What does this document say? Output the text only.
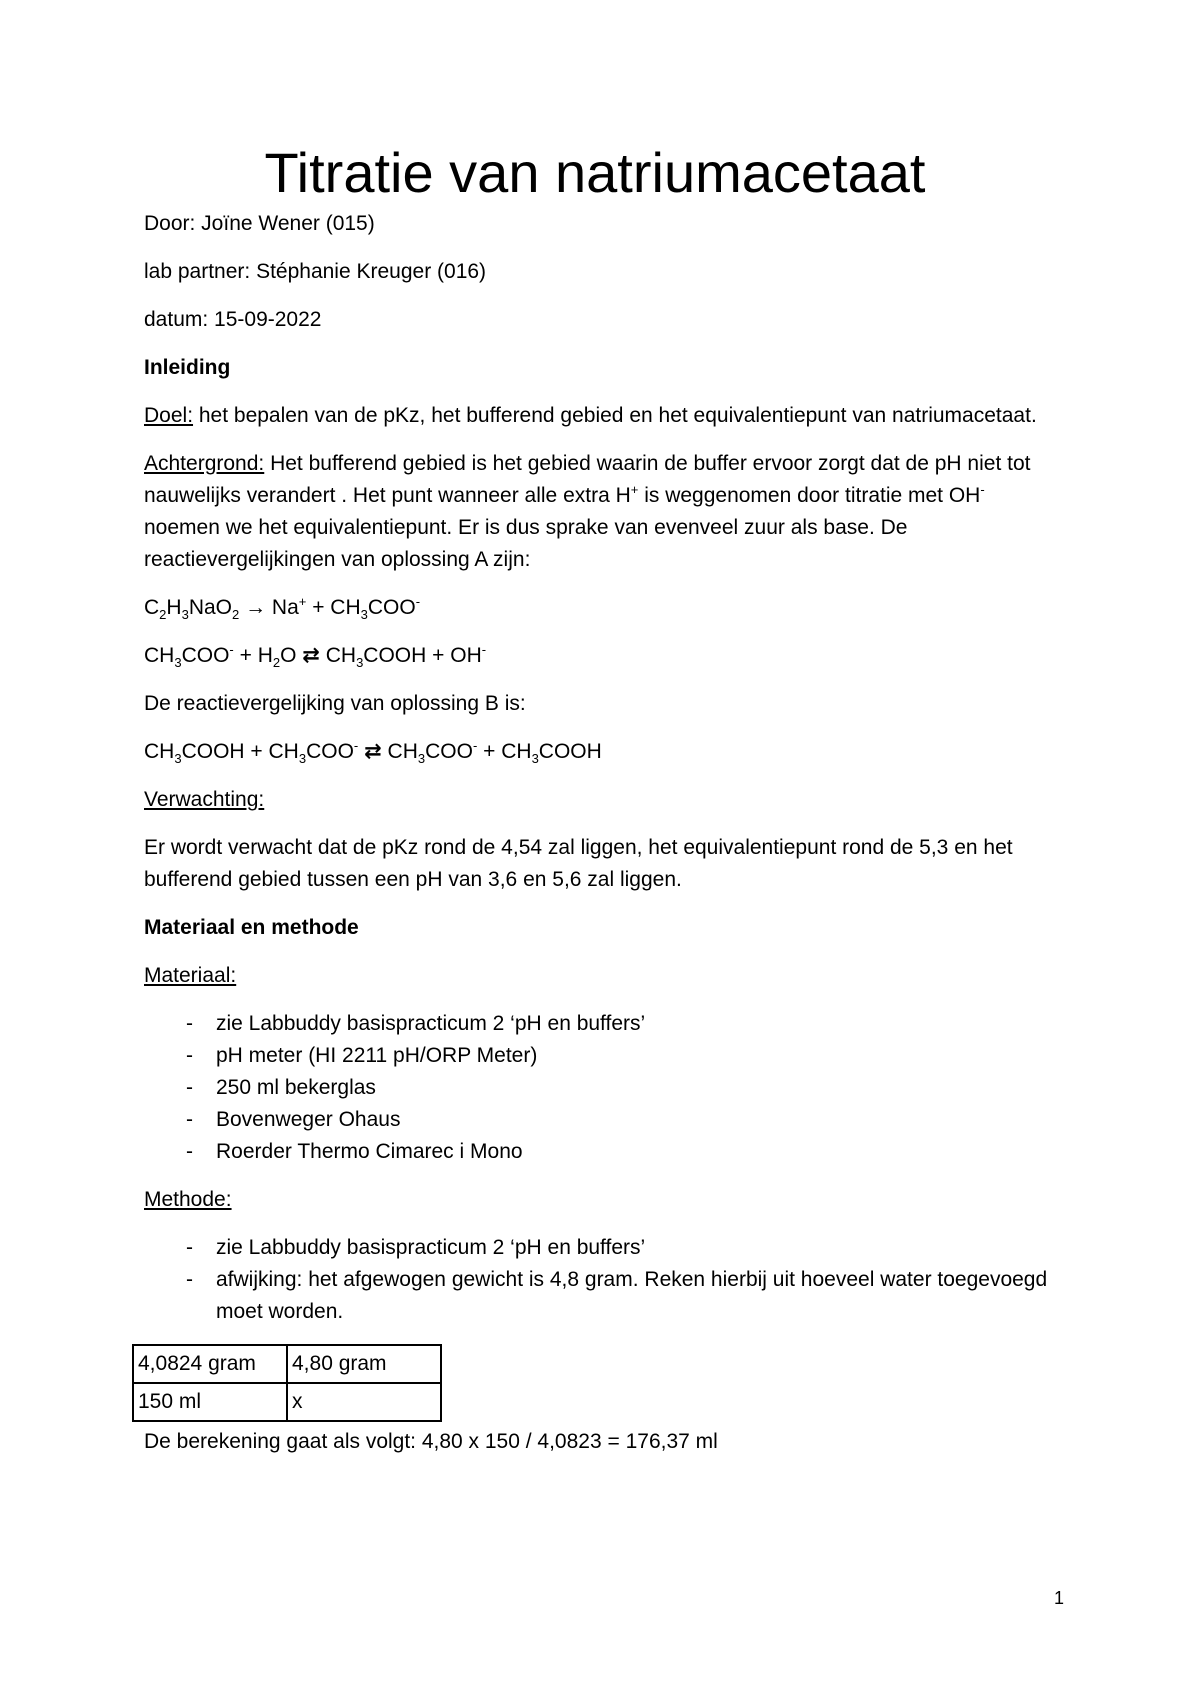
Titratie van natriumacetaat

Door: Joïne Wener (015)

lab partner: Stéphanie Kreuger (016)

datum: 15-09-2022

Inleiding

Doel: het bepalen van de pKz, het bufferend gebied en het equivalentiepunt van natriumacetaat.

Achtergrond: Het bufferend gebied is het gebied waarin de buffer ervoor zorgt dat de pH niet tot nauwelijks verandert . Het punt wanneer alle extra H+ is weggenomen door titratie met OH- noemen we het equivalentiepunt. Er is dus sprake van evenveel zuur als base. De reactievergelijkingen van oplossing A zijn:

$C_2H_3NaO_2 \to Na^+ + CH_3COO^-$

$CH_3COO^- + H_2O$ ⇄ $CH_3COOH + OH^-$

De reactievergelijking van oplossing B is:

$CH_3COOH + CH_3COO^-$ ⇄ $CH_3COO^-$ + $CH_3COOH$

Verwachting:

Er wordt verwacht dat de pKz rond de 4,54 zal liggen, het equivalentiepunt rond de 5,3 en het bufferend gebied tussen een pH van 3,6 en 5,6 zal liggen.

Materiaal en methode

Materiaal:

- zie Labbuddy basispracticum 2 ‘pH en buffers’
- pH meter (HI 2211 pH/ORP Meter)
- 250 ml bekerglas
- Bovenweger Ohaus
- Roerder Thermo Cimarec i Mono

Methode:

- zie Labbuddy basispracticum 2 ‘pH en buffers’
- afwijking: het afgewogen gewicht is 4,8 gram. Reken hierbij uit hoeveel water toegevoegd moet worden.
4,0824 gram	4,80 gram
150 ml	x

De berekening gaat als volgt: 4,80 x 150 / 4,0823 = 176,37 ml

1
